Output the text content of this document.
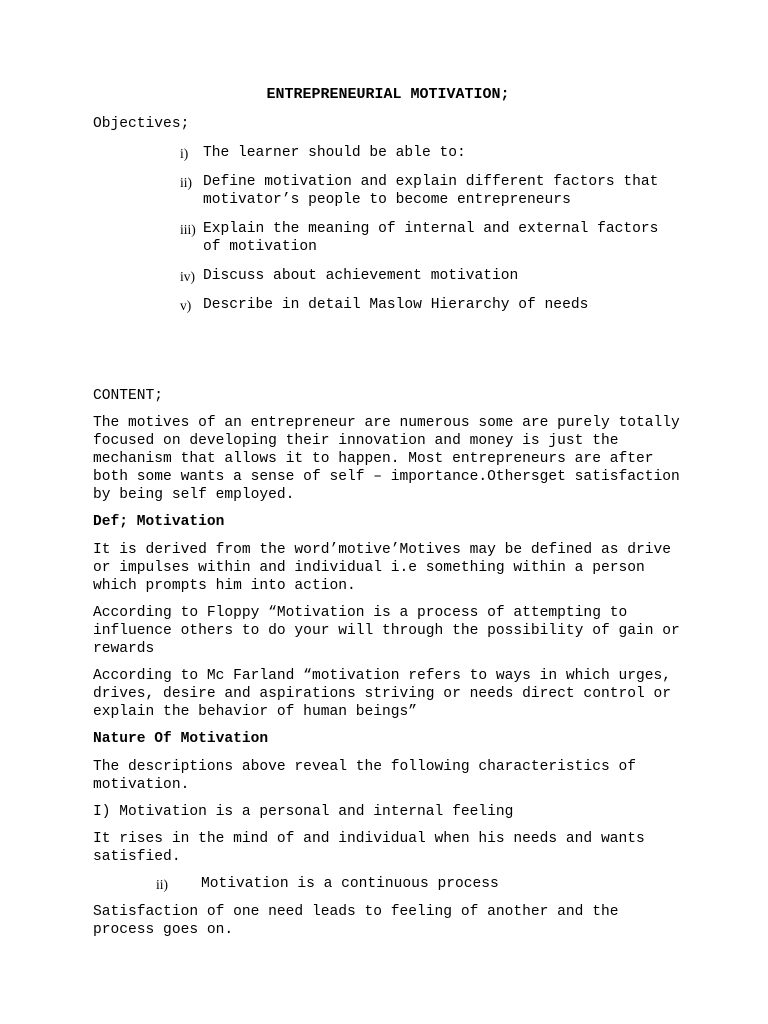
ENTREPRENEURIAL MOTIVATION;
Objectives;
i) The learner should be able to:
ii) Define motivation and explain different factors that motivator’s people to become entrepreneurs
iii) Explain the meaning of internal and external factors of motivation
iv) Discuss about achievement motivation
v) Describe in detail Maslow Hierarchy of needs

CONTENT;

The motives of an entrepreneur are numerous some are purely totally focused on developing their innovation and money is just the mechanism that allows it to happen. Most entrepreneurs are after both some wants a sense of self – importance.Othersget satisfaction by being self employed.

Def; Motivation

It is derived from the word’motive’Motives may be defined as drive or impulses within and individual i.e something within a person which prompts him into action.

According to Floppy “Motivation is a process of attempting to influence others to do your will through the possibility of gain or rewards

According to Mc Farland “motivation refers to ways in which urges, drives, desire and aspirations striving or needs direct control or explain the behavior of human beings”

Nature Of Motivation

The descriptions above reveal the following characteristics of motivation.

I) Motivation is a personal and internal feeling

It rises in the mind of and individual when his needs and wants satisfied.

ii) Motivation is a continuous process

Satisfaction of one need leads to feeling of another and the process goes on.
